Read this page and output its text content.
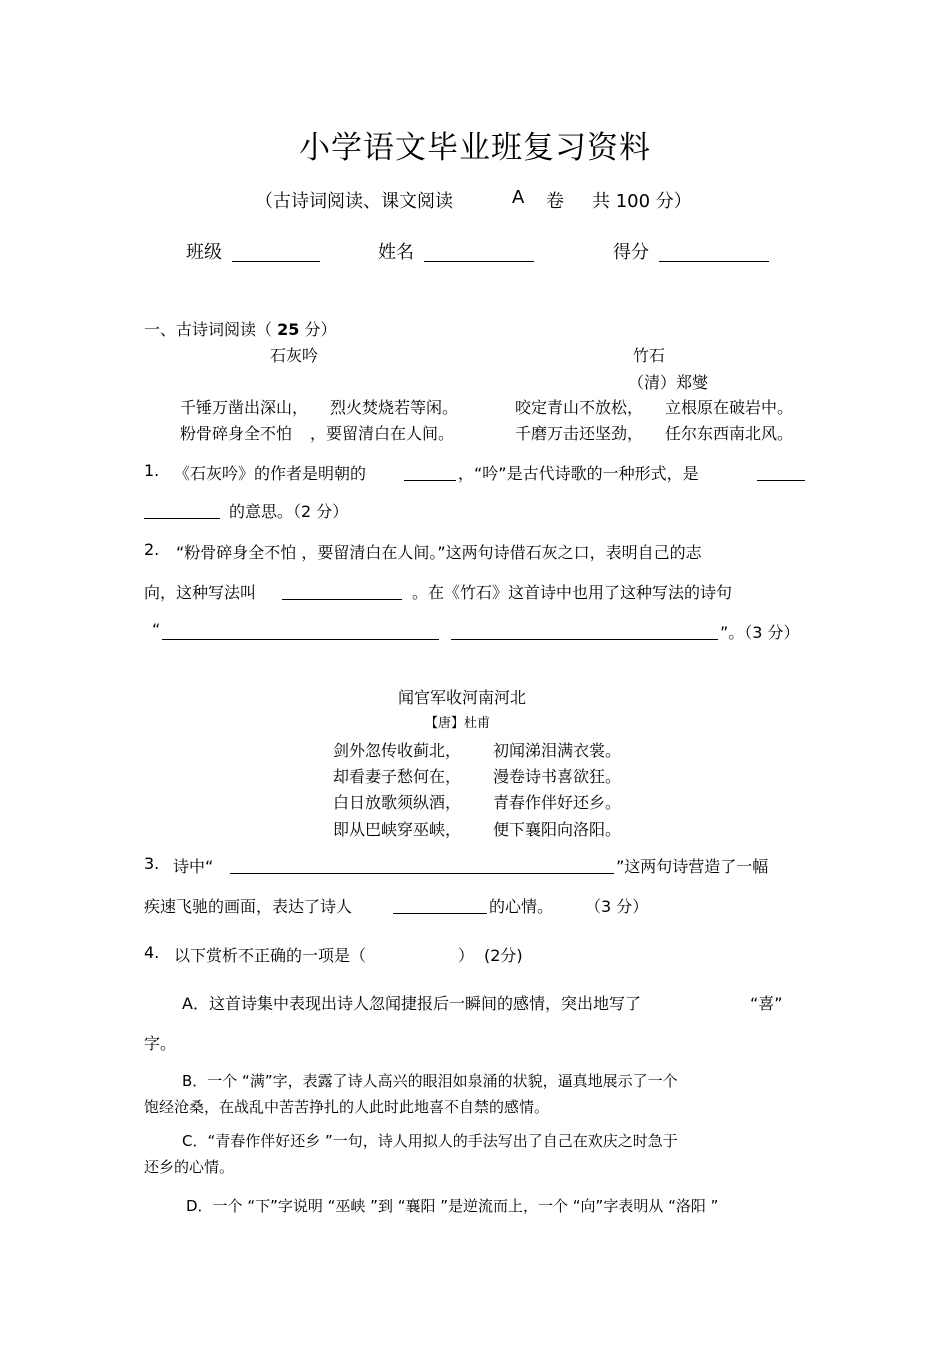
小学语文毕业班复习资料
（古诗词阅读、课文阅读	A 卷 共 100 分）
班级	姓名	得分
一、古诗词阅读（ 25 分）
石灰吟
千锤万凿出深山， 烈火焚烧若等闲。
粉骨碎身全不怕 ，要留清白在人间。
竹石
（清）郑燮
咬定青山不放松， 立根原在破岩中。
千磨万击还坚劲， 任尔东西南北风。
1. 《石灰吟》的作者是明朝的	，“吟”是古代诗歌的一种形式，是
的意思。（2 分）
2. “粉骨碎身全不怕 ，要留清白在人间。”这两句诗借石灰之口，表明自己的志
向，这种写法叫	。在《竹石》这首诗中也用了这种写法的诗句
“	”。（3 分）
闻官军收河南河北
【唐】杜甫
剑外忽传收蓟北， 初闻涕泪满衣裳。
却看妻子愁何在， 漫卷诗书喜欲狂。
白日放歌须纵酒， 青春作伴好还乡。
即从巴峡穿巫峡， 便下襄阳向洛阳。
3. 诗中“	”这两句诗营造了一幅
疾速飞驰的画面，表达了诗人	的心情。 （3 分）
4. 以下赏析不正确的一项是（	） (2分)
A．这首诗集中表现出诗人忽闻捷报后一瞬间的感情，突出地写了	“喜”
字。
B．一个 “满”字，表露了诗人高兴的眼泪如泉涌的状貌，逼真地展示了一个
饱经沧桑，在战乱中苦苦挣扎的人此时此地喜不自禁的感情。
C．“青春作伴好还乡 ”一句，诗人用拟人的手法写出了自己在欢庆之时急于
还乡的心情。
D．一个 “下”字说明 “巫峡 ”到 “襄阳 ”是逆流而上，一个 “向”字表明从 “洛阳 ”
